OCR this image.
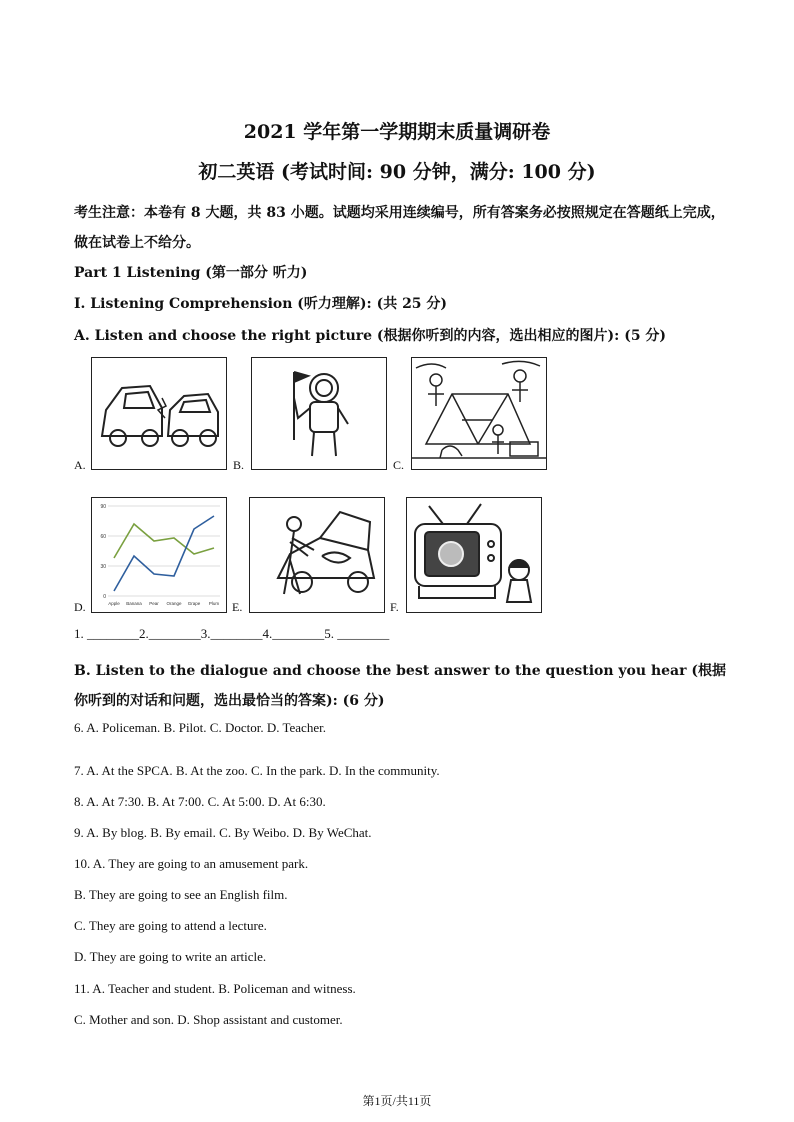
2021 学年第一学期期末质量调研卷
初二英语 (考试时间: 90 分钟，满分: 100 分)
考生注意：本卷有 8 大题，共 83 小题。试题均采用连续编号，所有答案务必按照规定在答题纸上完成，做在试卷上不给分。
Part 1 Listening (第一部分 听力)
I. Listening Comprehension (听力理解): (共 25 分)
A. Listen and choose the right picture (根据你听到的内容，选出相应的图片): (5 分)
A.	B.	C.
D.
90
60
30
0
Apple Banana Pear Orange Grape Plum E.	F.
1. ________2.________3.________4.________5. ________
B. Listen to the dialogue and choose the best answer to the question you hear (根据你听到的对话和问题，选出最恰当的答案): (6 分)
6. A. Policeman. B. Pilot. C. Doctor. D. Teacher.
7. A. At the SPCA. B. At the zoo. C. In the park. D. In the community.
8. A. At 7:30. B. At 7:00. C. At 5:00. D. At 6:30.
9. A. By blog. B. By email. C. By Weibo. D. By WeChat.
10. A. They are going to an amusement park.
B. They are going to see an English film.
C. They are going to attend a lecture.
D. They are going to write an article.
11. A. Teacher and student. B. Policeman and witness.
C. Mother and son. D. Shop assistant and customer.
第1页/共11页
